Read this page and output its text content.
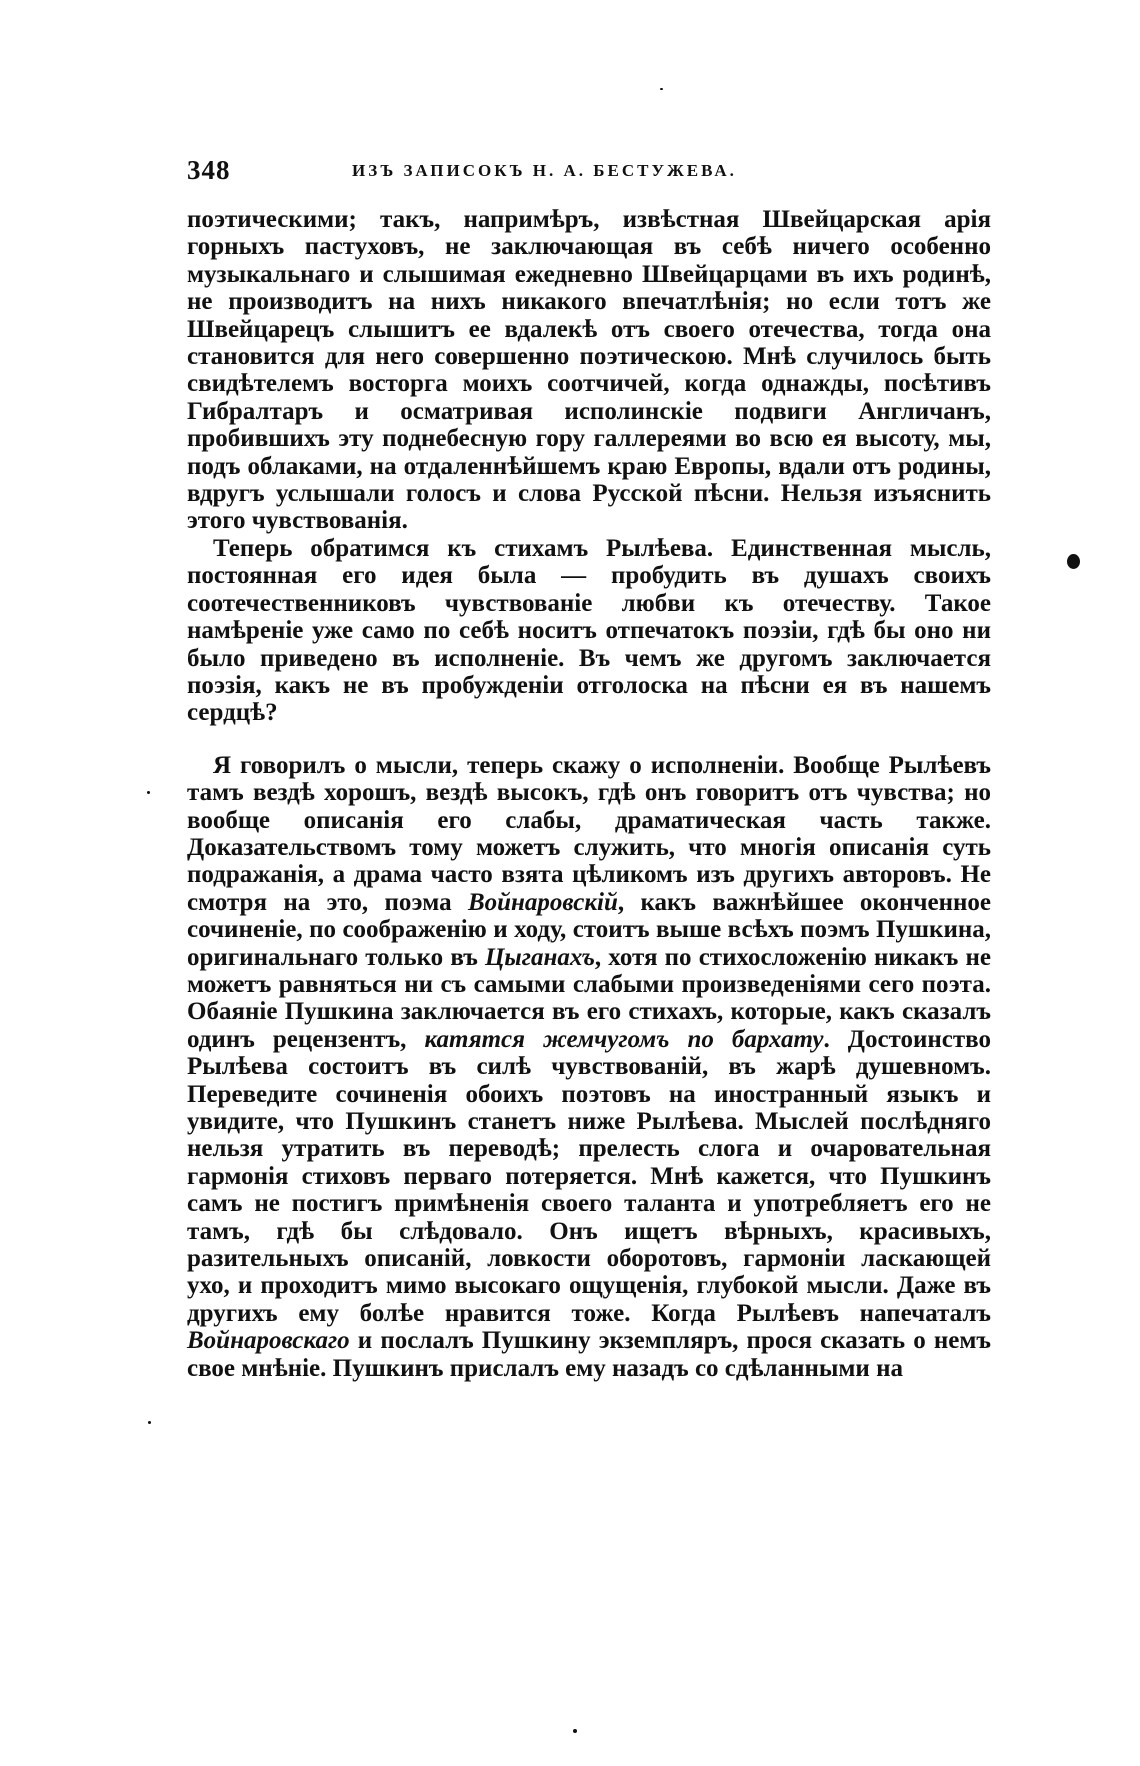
348	ИЗЪ ЗАПИСОКЪ Н. А. БЕСТУЖЕВА.

поэтическими; такъ, напримѣръ, извѣстная Швейцарская арія горныхъ пастуховъ, не заключающая въ себѣ ничего особенно музыкальнаго и слышимая ежедневно Швейцарцами въ ихъ родинѣ, не производитъ на нихъ никакого впечатлѣнія; но если тотъ же Швейцарецъ слышитъ ее вдалекѣ отъ своего отечества, тогда она становится для него совершенно поэтическою. Мнѣ случилось быть свидѣтелемъ восторга моихъ соотчичей, когда однажды, посѣтивъ Гибралтаръ и осматривая исполинскіе подвиги Англичанъ, пробившихъ эту поднебесную гору галлереями во всю ея высоту, мы, подъ облаками, на отдаленнѣйшемъ краю Европы, вдали отъ родины, вдругъ услышали голосъ и слова Русской пѣсни. Нельзя изъяснить этого чувствованія.

Теперь обратимся къ стихамъ Рылѣева. Единственная мысль, постоянная его идея была — пробудить въ душахъ своихъ соотечественниковъ чувствованіе любви къ отечеству. Такое намѣреніе уже само по себѣ носитъ отпечатокъ поэзіи, гдѣ бы оно ни было приведено въ исполненіе. Въ чемъ же другомъ заключается поэзія, какъ не въ пробужденіи отголоска на пѣсни ея въ нашемъ сердцѣ?

Я говорилъ о мысли, теперь скажу о исполненіи. Вообще Рылѣевъ тамъ вездѣ хорошъ, вездѣ высокъ, гдѣ онъ говоритъ отъ чувства; но вообще описанія его слабы, драматическая часть также. Доказательствомъ тому можетъ служить, что многія описанія суть подражанія, а драма часто взята цѣликомъ изъ другихъ авторовъ. Не смотря на это, поэма Войнаровскій, какъ важнѣйшее оконченное сочиненіе, по соображенію и ходу, стоитъ выше всѣхъ поэмъ Пушкина, оригинальнаго только въ Цыганахъ, хотя по стихосложенію никакъ не можетъ равняться ни съ самыми слабыми произведеніями сего поэта. Обаяніе Пушкина заключается въ его стихахъ, которые, какъ сказалъ одинъ рецензентъ, катятся жемчугомъ по бархату. Достоинство Рылѣева состоитъ въ силѣ чувствованій, въ жарѣ душевномъ. Переведите сочиненія обоихъ поэтовъ на иностранный языкъ и увидите, что Пушкинъ станетъ ниже Рылѣева. Мыслей послѣдняго нельзя утратить въ переводѣ; прелесть слога и очаровательная гармонія стиховъ перваго потеряется. Мнѣ кажется, что Пушкинъ самъ не постигъ примѣненія своего таланта и употребляетъ его не тамъ, гдѣ бы слѣдовало. Онъ ищетъ вѣрныхъ, красивыхъ, разительныхъ описаній, ловкости оборотовъ, гармоніи ласкающей ухо, и проходитъ мимо высокаго ощущенія, глубокой мысли. Даже въ другихъ ему болѣе нравится тоже. Когда Рылѣевъ напечаталъ Войнаровскаго и послалъ Пушкину экземпляръ, прося сказать о немъ свое мнѣніе. Пушкинъ прислалъ ему назадъ со сдѣланными на
